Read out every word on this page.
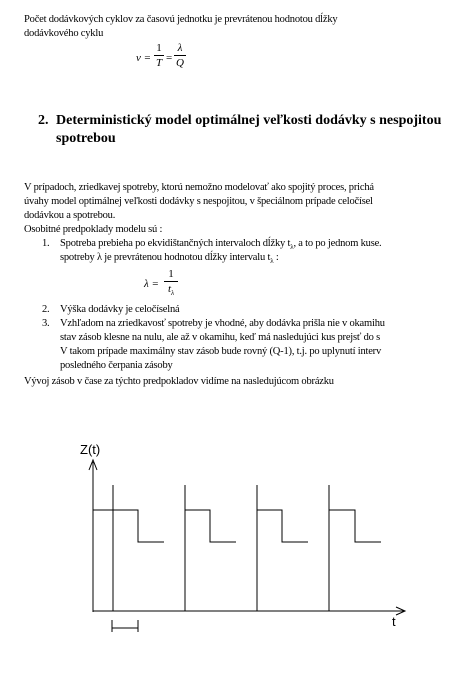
Počet dodávkových cyklov za časovú jednotku je prevrátenou hodnotou dĺžky
dodávkového cyklu
v =
1
T =
λ
Q
2. Deterministický model optimálnej veľkosti dodávky s nespojitou
spotrebou
V prípadoch, zriedkavej spotreby, ktorú nemožno modelovať ako spojitý proces, prichá
úvahy model optimálnej veľkosti dodávky s nespojitou, v špeciálnom prípade celočísel
dodávkou a spotrebou.
Osobitné predpoklady modelu sú :
1. Spotreba prebieha po ekvidištančných intervaloch dĺžky $t_\lambda$, a to po jednom kuse.
spotreby λ je prevrátenou hodnotou dĺžky intervalu $t_\lambda$ :
λ =
1
$t_\lambda$
2. Výška dodávky je celočíselná
3. Vzhľadom na zriedkavosť spotreby je vhodné, aby dodávka prišla nie v okamihu
stav zásob klesne na nulu, ale až v okamihu, keď má nasledujúci kus prejsť do s
V takom prípade maximálny stav zásob bude rovný (Q-1), t.j. po uplynutí interv
posledného čerpania zásoby
Vývoj zásob v čase za týchto predpokladov vidíme na nasledujúcom obrázku
Z(t)
t
